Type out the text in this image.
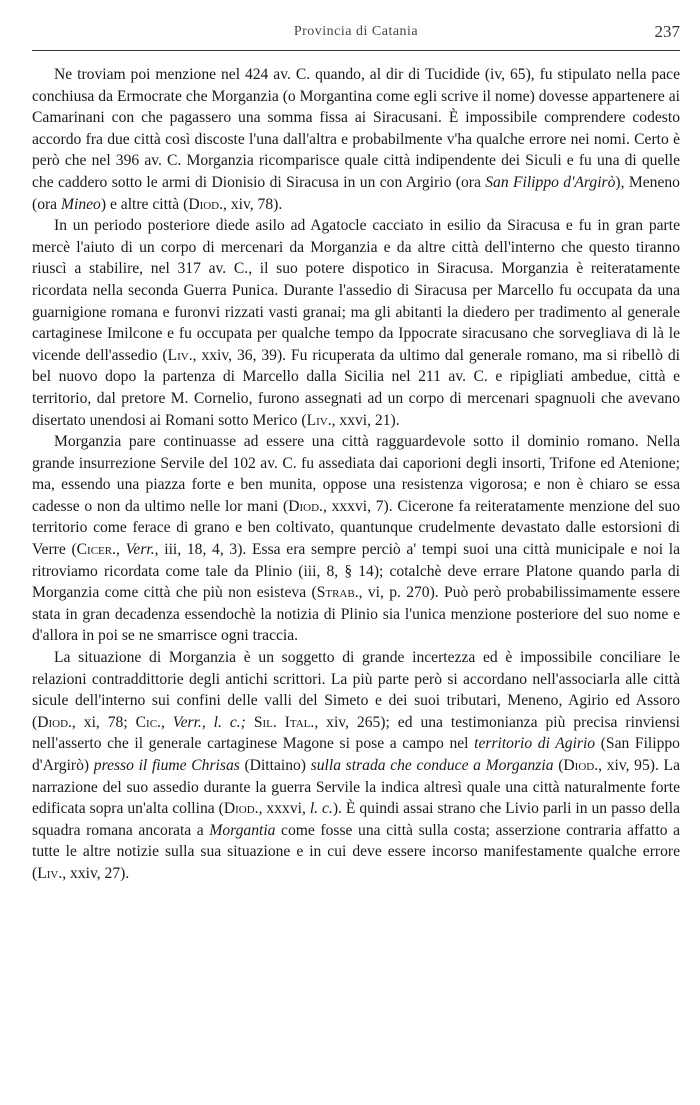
Provincia di Catania	237

Ne troviam poi menzione nel 424 av. C. quando, al dir di Tucidide (iv, 65), fu stipulato nella pace conchiusa da Ermocrate che Morganzia (o Morgantina come egli scrive il nome) dovesse appartenere ai Camarinani con che pagassero una somma fissa ai Siracusani. È impossibile comprendere codesto accordo fra due città così discoste l'una dall'altra e probabilmente v'ha qualche errore nei nomi. Certo è però che nel 396 av. C. Morganzia ricomparisce quale città indipendente dei Siculi e fu una di quelle che caddero sotto le armi di Dionisio di Siracusa in un con Argirio (ora San Filippo d'Argirò), Meneno (ora Mineo) e altre città (Diod., xiv, 78).

In un periodo posteriore diede asilo ad Agatocle cacciato in esilio da Siracusa e fu in gran parte mercè l'aiuto di un corpo di mercenari da Morganzia e da altre città dell'interno che questo tiranno riuscì a stabilire, nel 317 av. C., il suo potere dispotico in Siracusa. Morganzia è reiteratamente ricordata nella seconda Guerra Punica. Durante l'assedio di Siracusa per Marcello fu occupata da una guarnigione romana e furonvi rizzati vasti granai; ma gli abitanti la diedero per tradimento al generale cartaginese Imilcone e fu occupata per qualche tempo da Ippocrate siracusano che sorvegliava di là le vicende dell'assedio (Liv., xxiv, 36, 39). Fu ricuperata da ultimo dal generale romano, ma si ribellò di bel nuovo dopo la partenza di Marcello dalla Sicilia nel 211 av. C. e ripigliati ambedue, città e territorio, dal pretore M. Cornelio, furono assegnati ad un corpo di mercenari spagnuoli che avevano disertato unendosi ai Romani sotto Merico (Liv., xxvi, 21).

Morganzia pare continuasse ad essere una città ragguardevole sotto il dominio romano. Nella grande insurrezione Servile del 102 av. C. fu assediata dai caporioni degli insorti, Trifone ed Atenione; ma, essendo una piazza forte e ben munita, oppose una resistenza vigorosa; e non è chiaro se essa cadesse o non da ultimo nelle lor mani (Diod., xxxvi, 7). Cicerone fa reiteratamente menzione del suo territorio come ferace di grano e ben coltivato, quantunque crudelmente devastato dalle estorsioni di Verre (Cicer., Verr., iii, 18, 4, 3). Essa era sempre perciò a' tempi suoi una città municipale e noi la ritroviamo ricordata come tale da Plinio (iii, 8, § 14); cotalchè deve errare Platone quando parla di Morganzia come città che più non esisteva (Strab., vi, p. 270). Può però probabilissimamente essere stata in gran decadenza essendochè la notizia di Plinio sia l'unica menzione posteriore del suo nome e d'allora in poi se ne smarrisce ogni traccia.

La situazione di Morganzia è un soggetto di grande incertezza ed è impossibile conciliare le relazioni contraddittorie degli antichi scrittori. La più parte però si accordano nell'associarla alle città sicule dell'interno sui confini delle valli del Simeto e dei suoi tributari, Meneno, Agirio ed Assoro (Diod., xi, 78; Cic., Verr., l. c.; Sil. Ital., xiv, 265); ed una testimonianza più precisa rinviensi nell'asserto che il generale cartaginese Magone si pose a campo nel territorio di Agirio (San Filippo d'Argirò) presso il fiume Chrisas (Dittaino) sulla strada che conduce a Morganzia (Diod., xiv, 95). La narrazione del suo assedio durante la guerra Servile la indica altresì quale una città naturalmente forte edificata sopra un'alta collina (Diod., xxxvi, l. c.). È quindi assai strano che Livio parli in un passo della squadra romana ancorata a Morgantia come fosse una città sulla costa; asserzione contraria affatto a tutte le altre notizie sulla sua situazione e in cui deve essere incorso manifestamente qualche errore (Liv., xxiv, 27).
